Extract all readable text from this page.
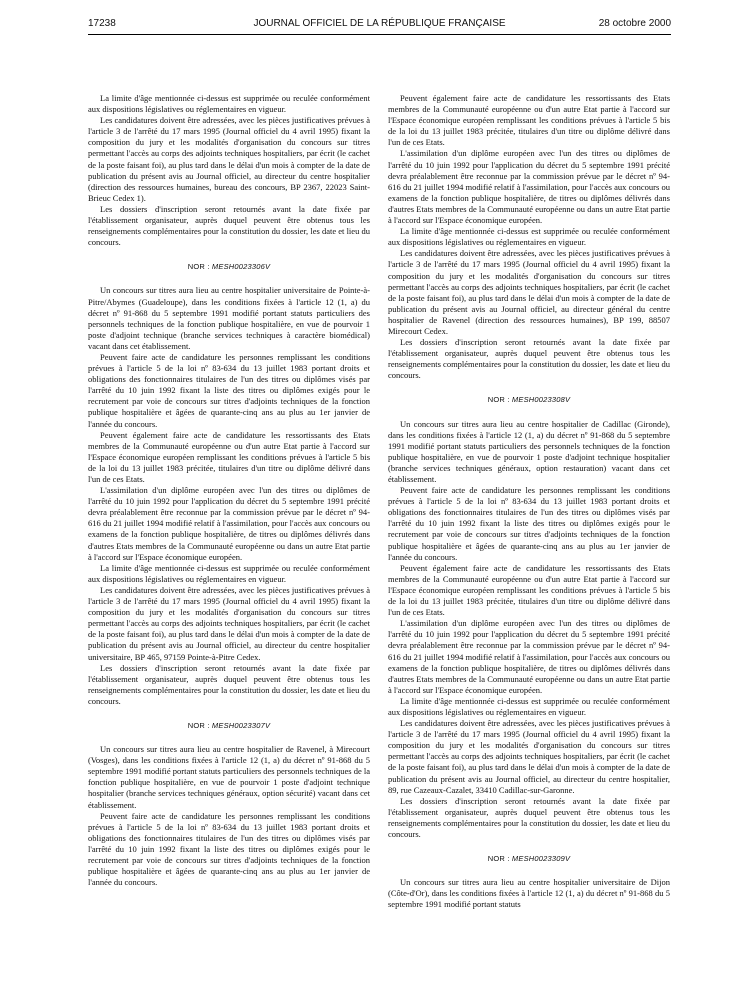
17238	JOURNAL OFFICIEL DE LA RÉPUBLIQUE FRANÇAISE	28 octobre 2000

La limite d'âge mentionnée ci-dessus est supprimée ou reculée conformément aux dispositions législatives ou réglementaires en vigueur.

Les candidatures doivent être adressées, avec les pièces justificatives prévues à l'article 3 de l'arrêté du 17 mars 1995 (Journal officiel du 4 avril 1995) fixant la composition du jury et les modalités d'organisation du concours sur titres permettant l'accès au corps des adjoints techniques hospitaliers, par écrit (le cachet de la poste faisant foi), au plus tard dans le délai d'un mois à compter de la date de publication du présent avis au Journal officiel, au directeur du centre hospitalier (direction des ressources humaines, bureau des concours, BP 2367, 22023 Saint-Brieuc Cedex 1).

Les dossiers d'inscription seront retournés avant la date fixée par l'établissement organisateur, auprès duquel peuvent être obtenus tous les renseignements complémentaires pour la constitution du dossier, les date et lieu du concours.

NOR : MESH0023306V

Un concours sur titres aura lieu au centre hospitalier universitaire de Pointe-à-Pitre/Abymes (Guadeloupe), dans les conditions fixées à l'article 12 (1, a) du décret nº 91-868 du 5 septembre 1991 modifié portant statuts particuliers des personnels techniques de la fonction publique hospitalière, en vue de pourvoir 1 poste d'adjoint technique (branche services techniques à caractère biomédical) vacant dans cet établissement.

Peuvent faire acte de candidature les personnes remplissant les conditions prévues à l'article 5 de la loi nº 83-634 du 13 juillet 1983 portant droits et obligations des fonctionnaires titulaires de l'un des titres ou diplômes visés par l'arrêté du 10 juin 1992 fixant la liste des titres ou diplômes exigés pour le recrutement par voie de concours sur titres d'adjoints techniques de la fonction publique hospitalière et âgées de quarante-cinq ans au plus au 1er janvier de l'année du concours.

Peuvent également faire acte de candidature les ressortissants des Etats membres de la Communauté européenne ou d'un autre Etat partie à l'accord sur l'Espace économique européen remplissant les conditions prévues à l'article 5 bis de la loi du 13 juillet 1983 précitée, titulaires d'un titre ou diplôme délivré dans l'un de ces Etats.

L'assimilation d'un diplôme européen avec l'un des titres ou diplômes de l'arrêté du 10 juin 1992 pour l'application du décret du 5 septembre 1991 précité devra préalablement être reconnue par la commission prévue par le décret nº 94-616 du 21 juillet 1994 modifié relatif à l'assimilation, pour l'accès aux concours ou examens de la fonction publique hospitalière, de titres ou diplômes délivrés dans d'autres Etats membres de la Communauté européenne ou dans un autre Etat partie à l'accord sur l'Espace économique européen.

La limite d'âge mentionnée ci-dessus est supprimée ou reculée conformément aux dispositions législatives ou réglementaires en vigueur.

Les candidatures doivent être adressées, avec les pièces justificatives prévues à l'article 3 de l'arrêté du 17 mars 1995 (Journal officiel du 4 avril 1995) fixant la composition du jury et les modalités d'organisation du concours sur titres permettant l'accès au corps des adjoints techniques hospitaliers, par écrit (le cachet de la poste faisant foi), au plus tard dans le délai d'un mois à compter de la date de publication du présent avis au Journal officiel, au directeur du centre hospitalier universitaire, BP 465, 97159 Pointe-à-Pitre Cedex.

Les dossiers d'inscription seront retournés avant la date fixée par l'établissement organisateur, auprès duquel peuvent être obtenus tous les renseignements complémentaires pour la constitution du dossier, les date et lieu du concours.

NOR : MESH0023307V

Un concours sur titres aura lieu au centre hospitalier de Ravenel, à Mirecourt (Vosges), dans les conditions fixées à l'article 12 (1, a) du décret nº 91-868 du 5 septembre 1991 modifié portant statuts particuliers des personnels techniques de la fonction publique hospitalière, en vue de pourvoir 1 poste d'adjoint technique hospitalier (branche services techniques généraux, option sécurité) vacant dans cet établissement.

Peuvent faire acte de candidature les personnes remplissant les conditions prévues à l'article 5 de la loi nº 83-634 du 13 juillet 1983 portant droits et obligations des fonctionnaires titulaires de l'un des titres ou diplômes visés par l'arrêté du 10 juin 1992 fixant la liste des titres ou diplômes exigés pour le recrutement par voie de concours sur titres d'adjoints techniques de la fonction publique hospitalière et âgées de quarante-cinq ans au plus au 1er janvier de l'année du concours.

Peuvent également faire acte de candidature les ressortissants des Etats membres de la Communauté européenne ou d'un autre Etat partie à l'accord sur l'Espace économique européen remplissant les conditions prévues à l'article 5 bis de la loi du 13 juillet 1983 précitée, titulaires d'un titre ou diplôme délivré dans l'un de ces Etats.

L'assimilation d'un diplôme européen avec l'un des titres ou diplômes de l'arrêté du 10 juin 1992 pour l'application du décret du 5 septembre 1991 précité devra préalablement être reconnue par la commission prévue par le décret nº 94-616 du 21 juillet 1994 modifié relatif à l'assimilation, pour l'accès aux concours ou examens de la fonction publique hospitalière, de titres ou diplômes délivrés dans d'autres Etats membres de la Communauté européenne ou dans un autre Etat partie à l'accord sur l'Espace économique européen.

La limite d'âge mentionnée ci-dessus est supprimée ou reculée conformément aux dispositions législatives ou réglementaires en vigueur.

Les candidatures doivent être adressées, avec les pièces justificatives prévues à l'article 3 de l'arrêté du 17 mars 1995 (Journal officiel du 4 avril 1995) fixant la composition du jury et les modalités d'organisation du concours sur titres permettant l'accès au corps des adjoints techniques hospitaliers, par écrit (le cachet de la poste faisant foi), au plus tard dans le délai d'un mois à compter de la date de publication du présent avis au Journal officiel, au directeur général du centre hospitalier de Ravenel (direction des ressources humaines), BP 199, 88507 Mirecourt Cedex.

Les dossiers d'inscription seront retournés avant la date fixée par l'établissement organisateur, auprès duquel peuvent être obtenus tous les renseignements complémentaires pour la constitution du dossier, les date et lieu du concours.

NOR : MESH0023308V

Un concours sur titres aura lieu au centre hospitalier de Cadillac (Gironde), dans les conditions fixées à l'article 12 (1, a) du décret nº 91-868 du 5 septembre 1991 modifié portant statuts particuliers des personnels techniques de la fonction publique hospitalière, en vue de pourvoir 1 poste d'adjoint technique hospitalier (branche services techniques généraux, option restauration) vacant dans cet établissement.

Peuvent faire acte de candidature les personnes remplissant les conditions prévues à l'article 5 de la loi nº 83-634 du 13 juillet 1983 portant droits et obligations des fonctionnaires titulaires de l'un des titres ou diplômes visés par l'arrêté du 10 juin 1992 fixant la liste des titres ou diplômes exigés pour le recrutement par voie de concours sur titres d'adjoints techniques de la fonction publique hospitalière et âgées de quarante-cinq ans au plus au 1er janvier de l'année du concours.

Peuvent également faire acte de candidature les ressortissants des Etats membres de la Communauté européenne ou d'un autre Etat partie à l'accord sur l'Espace économique européen remplissant les conditions prévues à l'article 5 bis de la loi du 13 juillet 1983 précitée, titulaires d'un titre ou diplôme délivré dans l'un de ces Etats.

L'assimilation d'un diplôme européen avec l'un des titres ou diplômes de l'arrêté du 10 juin 1992 pour l'application du décret du 5 septembre 1991 précité devra préalablement être reconnue par la commission prévue par le décret nº 94-616 du 21 juillet 1994 modifié relatif à l'assimilation, pour l'accès aux concours ou examens de la fonction publique hospitalière, de titres ou diplômes délivrés dans d'autres Etats membres de la Communauté européenne ou dans un autre Etat partie à l'accord sur l'Espace économique européen.

La limite d'âge mentionnée ci-dessus est supprimée ou reculée conformément aux dispositions législatives ou réglementaires en vigueur.

Les candidatures doivent être adressées, avec les pièces justificatives prévues à l'article 3 de l'arrêté du 17 mars 1995 (Journal officiel du 4 avril 1995) fixant la composition du jury et les modalités d'organisation du concours sur titres permettant l'accès au corps des adjoints techniques hospitaliers, par écrit (le cachet de la poste faisant foi), au plus tard dans le délai d'un mois à compter de la date de publication du présent avis au Journal officiel, au directeur du centre hospitalier, 89, rue Cazeaux-Cazalet, 33410 Cadillac-sur-Garonne.

Les dossiers d'inscription seront retournés avant la date fixée par l'établissement organisateur, auprès duquel peuvent être obtenus tous les renseignements complémentaires pour la constitution du dossier, les date et lieu du concours.

NOR : MESH0023309V

Un concours sur titres aura lieu au centre hospitalier universitaire de Dijon (Côte-d'Or), dans les conditions fixées à l'article 12 (1, a) du décret nº 91-868 du 5 septembre 1991 modifié portant statuts
